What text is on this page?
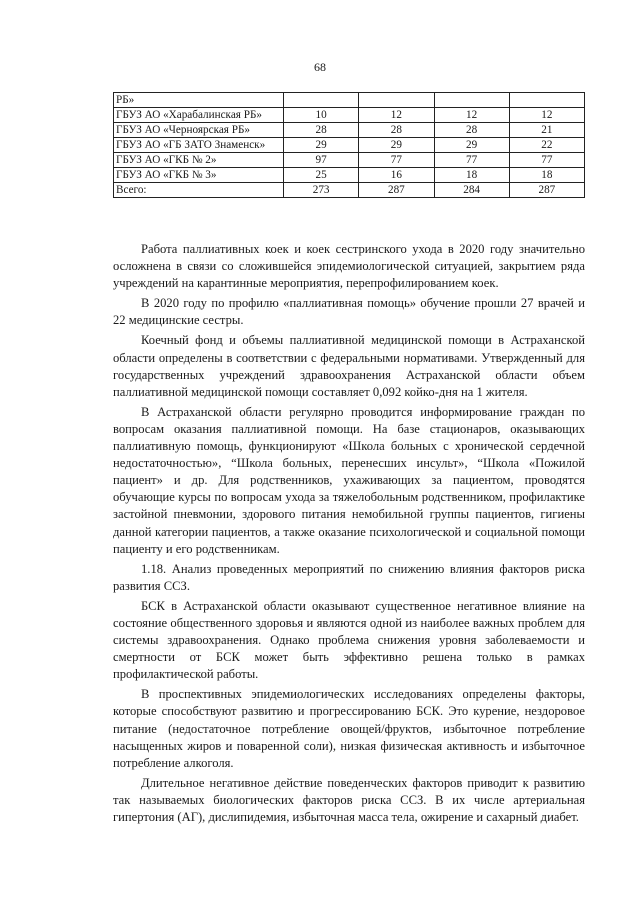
68
РБ»				
ГБУЗ АО «Харабалинская РБ»	10	12	12	12
ГБУЗ АО «Черноярская РБ»	28	28	28	21
ГБУЗ АО «ГБ ЗАТО Знаменск»	29	29	29	22
ГБУЗ АО «ГКБ № 2»	97	77	77	77
ГБУЗ АО «ГКБ № 3»	25	16	18	18
Всего:	273	287	284	287

Работа паллиативных коек и коек сестринского ухода в 2020 году значительно осложнена в связи со сложившейся эпидемиологической ситуацией, закрытием ряда учреждений на карантинные мероприятия, перепрофилированием коек.

В 2020 году по профилю «паллиативная помощь» обучение прошли 27 врачей и 22 медицинские сестры.

Коечный фонд и объемы паллиативной медицинской помощи в Астраханской области определены в соответствии с федеральными нормативами. Утвержденный для государственных учреждений здравоохранения Астраханской области объем паллиативной медицинской помощи составляет 0,092 койко-дня на 1 жителя.

В Астраханской области регулярно проводится информирование граждан по вопросам оказания паллиативной помощи. На базе стационаров, оказывающих паллиативную помощь, функционируют «Школа больных с хронической сердечной недостаточностью», “Школа больных, перенесших инсульт», “Школа «Пожилой пациент» и др. Для родственников, ухаживающих за пациентом, проводятся обучающие курсы по вопросам ухода за тяжелобольным родственником, профилактике застойной пневмонии, здорового питания немобильной группы пациентов, гигиены данной категории пациентов, а также оказание психологической и социальной помощи пациенту и его родственникам.

1.18. Анализ проведенных мероприятий по снижению влияния факторов риска развития ССЗ.

БСК в Астраханской области оказывают существенное негативное влияние на состояние общественного здоровья и являются одной из наиболее важных проблем для системы здравоохранения. Однако проблема снижения уровня заболеваемости и смертности от БСК может быть эффективно решена только в рамках профилактической работы.

В проспективных эпидемиологических исследованиях определены факторы, которые способствуют развитию и прогрессированию БСК. Это курение, нездоровое питание (недостаточное потребление овощей/фруктов, избыточное потребление насыщенных жиров и поваренной соли), низкая физическая активность и избыточное потребление алкоголя.

Длительное негативное действие поведенческих факторов приводит к развитию так называемых биологических факторов риска ССЗ. В их числе артериальная гипертония (АГ), дислипидемия, избыточная масса тела, ожирение и сахарный диабет.
